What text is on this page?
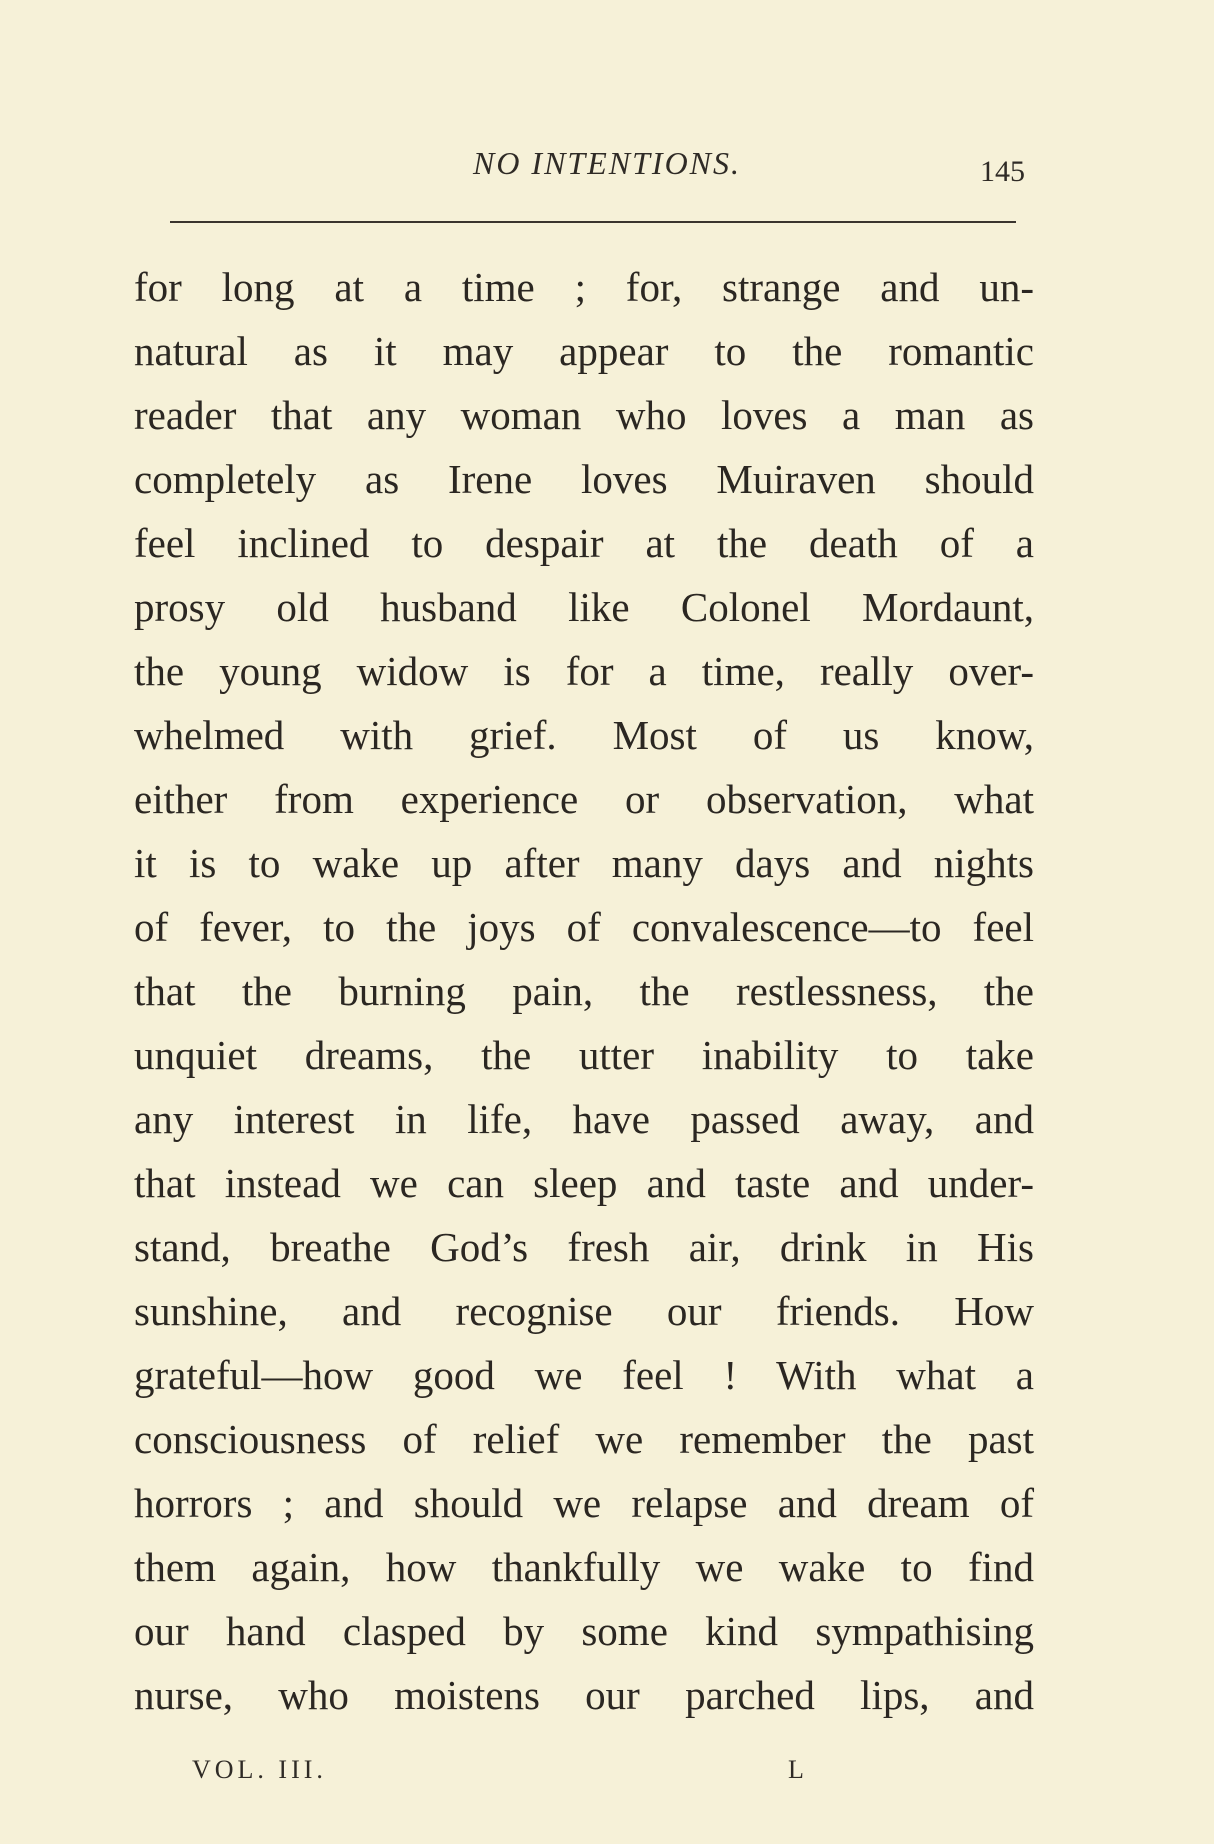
NO INTENTIONS.	145
for long at a time ; for, strange and un-
natural as it may appear to the romantic
reader that any woman who loves a man as
completely as Irene loves Muiraven should
feel inclined to despair at the death of a
prosy old husband like Colonel Mordaunt,
the young widow is for a time, really over-
whelmed with grief. Most of us know,
either from experience or observation, what
it is to wake up after many days and nights
of fever, to the joys of convalescence—to feel
that the burning pain, the restlessness, the
unquiet dreams, the utter inability to take
any interest in life, have passed away, and
that instead we can sleep and taste and under-
stand, breathe God’s fresh air, drink in His
sunshine, and recognise our friends. How
grateful—how good we feel ! With what a
consciousness of relief we remember the past
horrors ; and should we relapse and dream of
them again, how thankfully we wake to find
our hand clasped by some kind sympathising
nurse, who moistens our parched lips, and
VOL. III.	L
